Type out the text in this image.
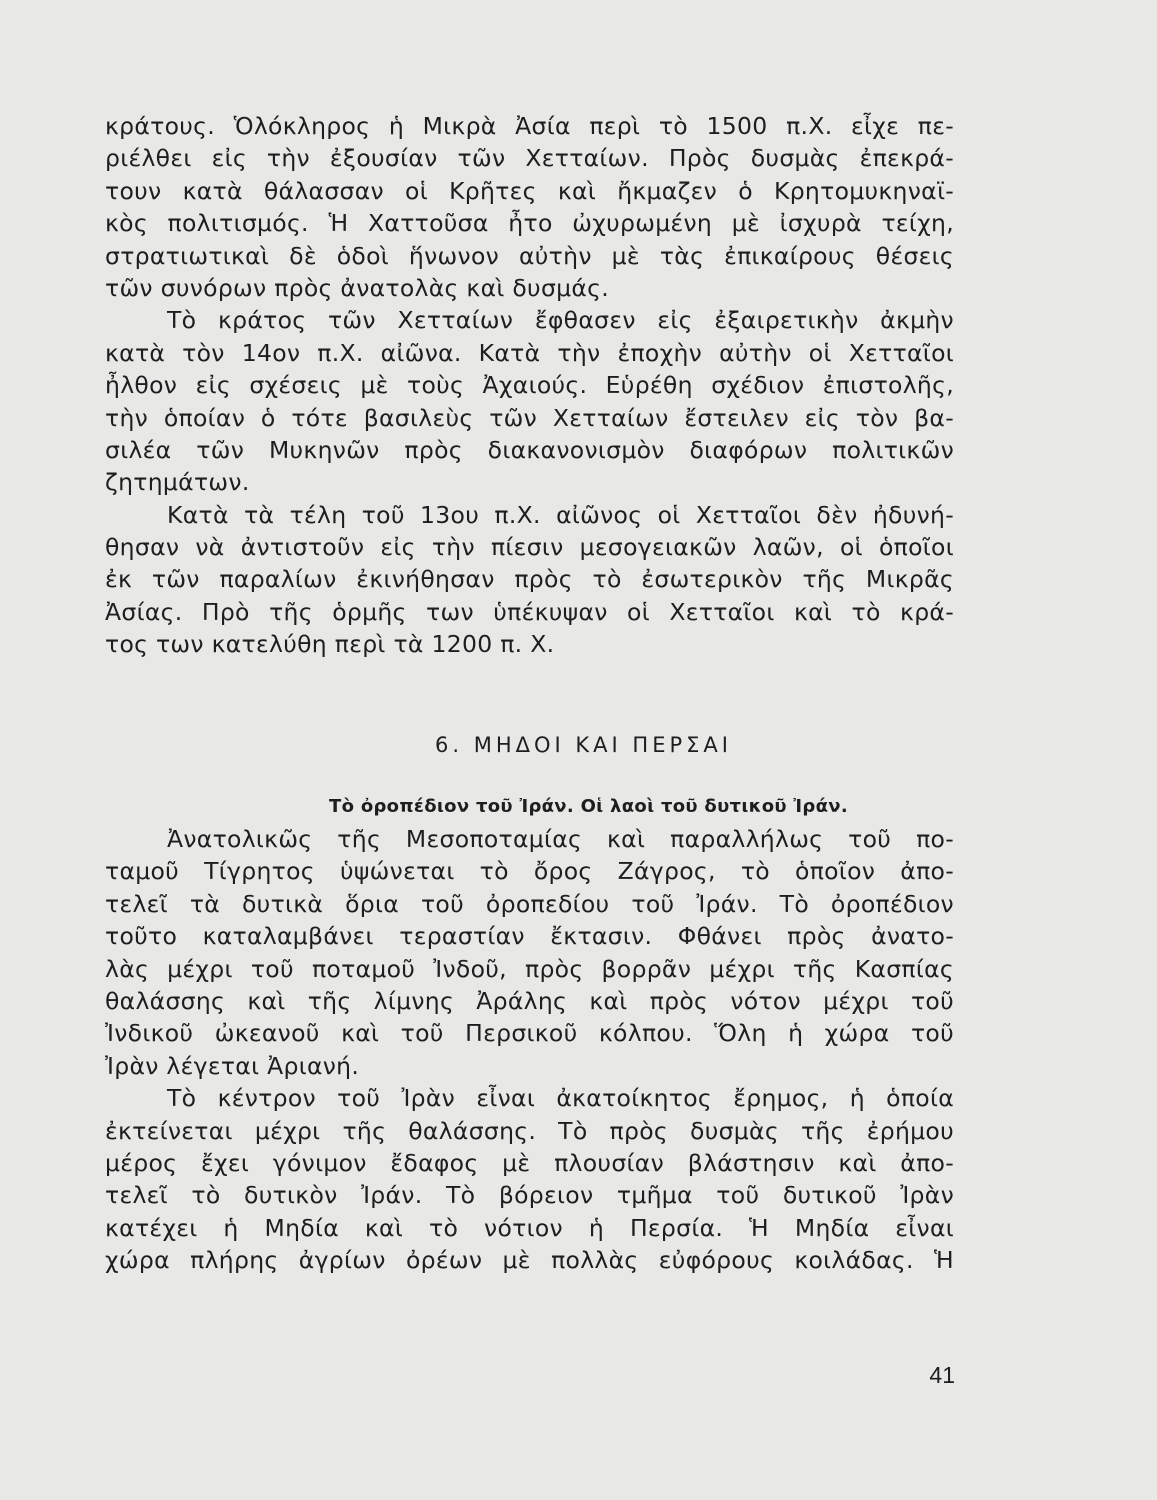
κράτους. Ὁλόκληρος ἡ Μικρὰ Ἀσία περὶ τὸ 1500 π.Χ. εἶχε πε-
ριέλθει εἰς τὴν ἐξουσίαν τῶν Χετταίων. Πρὸς δυσμὰς ἐπεκρά-
τουν κατὰ θάλασσαν οἱ Κρῆτες καὶ ἤκμαζεν ὁ Κρητομυκηναϊ-
κὸς πολιτισμός. Ἡ Χαττοῦσα ἦτο ὠχυρωμένη μὲ ἰσχυρὰ τείχη,
στρατιωτικαὶ δὲ ὁδοὶ ἥνωνον αὐτὴν μὲ τὰς ἐπικαίρους θέσεις
τῶν συνόρων πρὸς ἀνατολὰς καὶ δυσμάς.
Τὸ κράτος τῶν Χετταίων ἔφθασεν εἰς ἐξαιρετικὴν ἀκμὴν
κατὰ τὸν 14ον π.Χ. αἰῶνα. Κατὰ τὴν ἐποχὴν αὐτὴν οἱ Χετταῖοι
ἦλθον εἰς σχέσεις μὲ τοὺς Ἀχαιούς. Εὑρέθη σχέδιον ἐπιστολῆς,
τὴν ὁποίαν ὁ τότε βασιλεὺς τῶν Χετταίων ἔστειλεν εἰς τὸν βα-
σιλέα τῶν Μυκηνῶν πρὸς διακανονισμὸν διαφόρων πολιτικῶν
ζητημάτων.
Κατὰ τὰ τέλη τοῦ 13ου π.Χ. αἰῶνος οἱ Χετταῖοι δὲν ἠδυνή-
θησαν νὰ ἀντιστοῦν εἰς τὴν πίεσιν μεσογειακῶν λαῶν, οἱ ὁποῖοι
ἐκ τῶν παραλίων ἐκινήθησαν πρὸς τὸ ἐσωτερικὸν τῆς Μικρᾶς
Ἀσίας. Πρὸ τῆς ὁρμῆς των ὑπέκυψαν οἱ Χετταῖοι καὶ τὸ κρά-
τος των κατελύθη περὶ τὰ 1200 π. Χ.
6. ΜΗΔΟΙ ΚΑΙ ΠΕΡΣΑΙ
Τὸ ὀροπέδιον τοῦ Ἰράν. Οἱ λαοὶ τοῦ δυτικοῦ Ἰράν.
Ἀνατολικῶς τῆς Μεσοποταμίας καὶ παραλλήλως τοῦ πο-
ταμοῦ Τίγρητος ὑψώνεται τὸ ὄρος Ζάγρος, τὸ ὁποῖον ἀπο-
τελεῖ τὰ δυτικὰ ὅρια τοῦ ὀροπεδίου τοῦ Ἰράν. Τὸ ὀροπέδιον
τοῦτο καταλαμβάνει τεραστίαν ἔκτασιν. Φθάνει πρὸς ἀνατο-
λὰς μέχρι τοῦ ποταμοῦ Ἰνδοῦ, πρὸς βορρᾶν μέχρι τῆς Κασπίας
θαλάσσης καὶ τῆς λίμνης Ἀράλης καὶ πρὸς νότον μέχρι τοῦ
Ἰνδικοῦ ὠκεανοῦ καὶ τοῦ Περσικοῦ κόλπου. Ὅλη ἡ χώρα τοῦ
Ἰρὰν λέγεται Ἀριανή.
Τὸ κέντρον τοῦ Ἰρὰν εἶναι ἀκατοίκητος ἔρημος, ἡ ὁποία
ἐκτείνεται μέχρι τῆς θαλάσσης. Τὸ πρὸς δυσμὰς τῆς ἐρήμου
μέρος ἔχει γόνιμον ἔδαφος μὲ πλουσίαν βλάστησιν καὶ ἀπο-
τελεῖ τὸ δυτικὸν Ἰράν. Τὸ βόρειον τμῆμα τοῦ δυτικοῦ Ἰρὰν
κατέχει ἡ Μηδία καὶ τὸ νότιον ἡ Περσία. Ἡ Μηδία εἶναι
χώρα πλήρης ἀγρίων ὀρέων μὲ πολλὰς εὐφόρους κοιλάδας. Ἡ
41
